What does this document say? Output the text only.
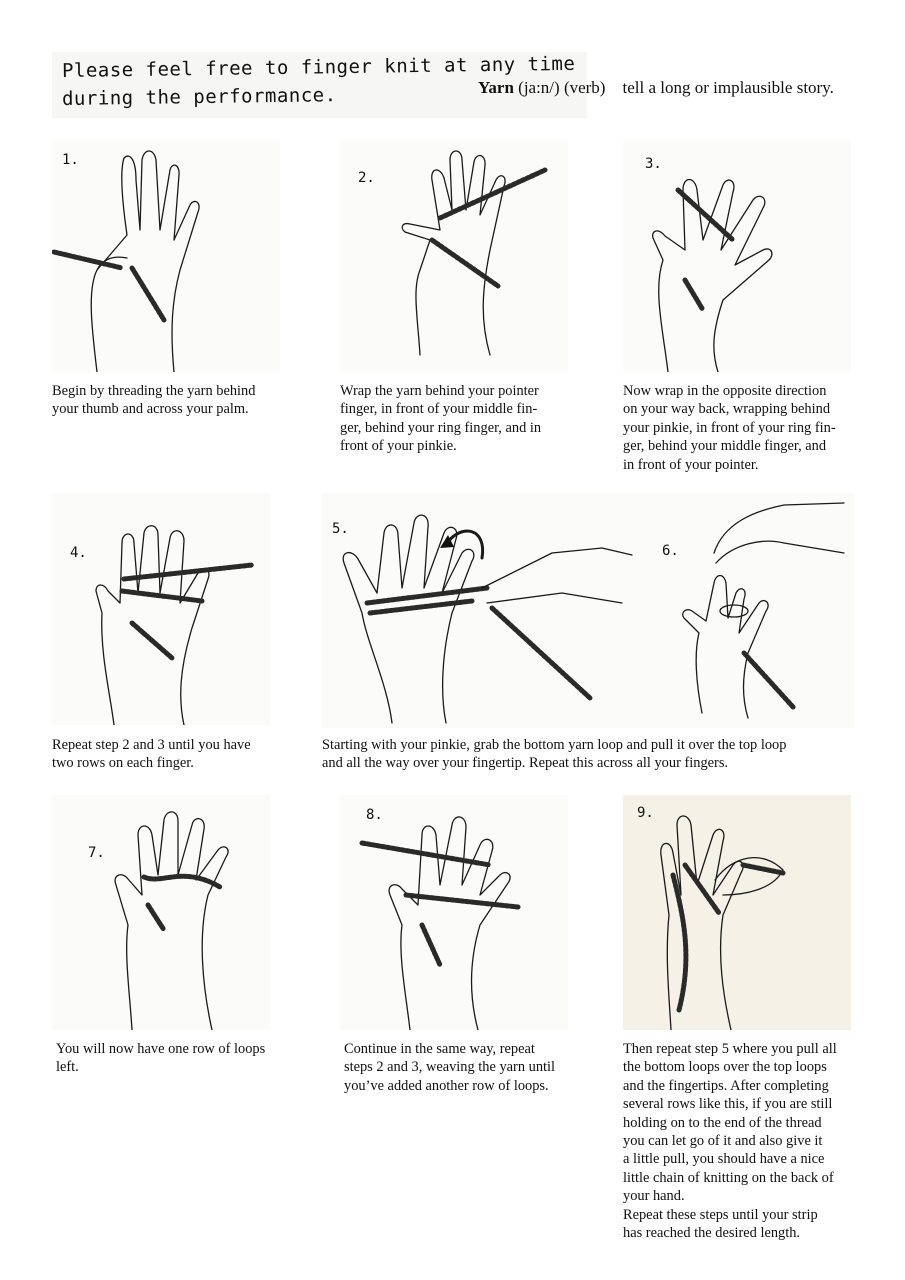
Please feel free to finger knit at any time
during the performance.	Yarn (ja:n/) (verb) tell a long or implausible story.
1.
Begin by threading the yarn behind
your thumb and across your palm.
2.
Wrap the yarn behind your pointer
finger, in front of your middle fin-
ger, behind your ring finger, and in
front of your pinkie.
3.
Now wrap in the opposite direction
on your way back, wrapping behind
your pinkie, in front of your ring fin-
ger, behind your middle finger, and
in front of your pointer.
4.
Repeat step 2 and 3 until you have
two rows on each finger.
5.
6.
Starting with your pinkie, grab the bottom yarn loop and pull it over the top loop
and all the way over your fingertip. Repeat this across all your fingers.
7.
You will now have one row of loops
left.
8.
Continue in the same way, repeat
steps 2 and 3, weaving the yarn until
you’ve added another row of loops.
9.
Then repeat step 5 where you pull all
the bottom loops over the top loops
and the fingertips. After completing
several rows like this, if you are still
holding on to the end of the thread
you can let go of it and also give it
a little pull, you should have a nice
little chain of knitting on the back of
your hand.
Repeat these steps until your strip
has reached the desired length.
